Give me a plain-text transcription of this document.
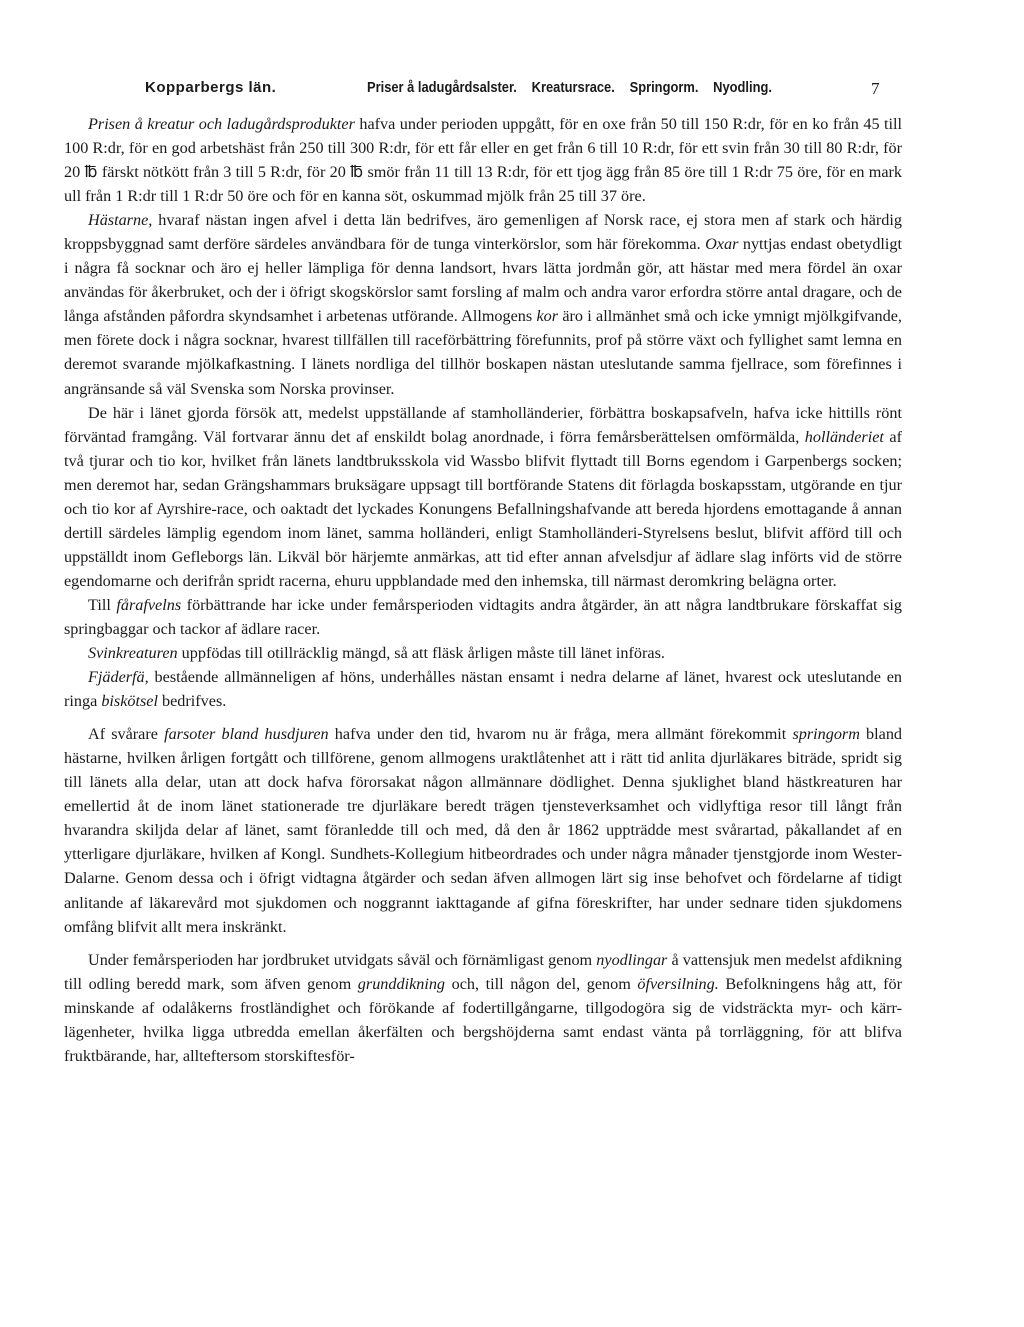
Kopparbergs län.	Priser å ladugårdsalster. Kreatursrace. Springorm. Nyodling.	7

Prisen å kreatur och ladugårdsprodukter hafva under perioden uppgått, för en oxe från 50 till 150 R:dr, för en ko från 45 till 100 R:dr, för en god arbetshäst från 250 till 300 R:dr, för ett får eller en get från 6 till 10 R:dr, för ett svin från 30 till 80 R:dr, för 20 ℔ färskt nötkött från 3 till 5 R:dr, för 20 ℔ smör från 11 till 13 R:dr, för ett tjog ägg från 85 öre till 1 R:dr 75 öre, för en mark ull från 1 R:dr till 1 R:dr 50 öre och för en kanna söt, oskummad mjölk från 25 till 37 öre.

Hästarne, hvaraf nästan ingen afvel i detta län bedrifves, äro gemenligen af Norsk race, ej stora men af stark och härdig kroppsbyggnad samt derföre särdeles användbara för de tunga vinterkörslor, som här förekomma. Oxar nyttjas endast obetydligt i några få socknar och äro ej heller lämpliga för denna landsort, hvars lätta jordmån gör, att hästar med mera fördel än oxar användas för åkerbruket, och der i öfrigt skogskörslor samt forsling af malm och andra varor erfordra större antal dragare, och de långa afstånden påfordra skyndsamhet i arbetenas utförande. Allmogens kor äro i allmänhet små och icke ymnigt mjölkgifvande, men förete dock i några socknar, hvarest tillfällen till raceförbättring förefunnits, prof på större växt och fyllighet samt lemna en deremot svarande mjölkafkastning. I länets nordliga del tillhör boskapen nästan uteslutande samma fjellrace, som förefinnes i angränsande så väl Svenska som Norska provinser.

De här i länet gjorda försök att, medelst uppställande af stamholländerier, förbättra boskapsafveln, hafva icke hittills rönt förväntad framgång. Väl fortvarar ännu det af enskildt bolag anordnade, i förra femårsberättelsen omförmälda, holländeriet af två tjurar och tio kor, hvilket från länets landtbruksskola vid Wassbo blifvit flyttadt till Borns egendom i Garpenbergs socken; men deremot har, sedan Grängshammars bruksägare uppsagt till bortförande Statens dit förlagda boskapsstam, utgörande en tjur och tio kor af Ayrshire-race, och oaktadt det lyckades Konungens Befallningshafvande att bereda hjordens emottagande å annan dertill särdeles lämplig egendom inom länet, samma holländeri, enligt Stamholländeri-Styrelsens beslut, blifvit afförd till och uppställdt inom Gefleborgs län. Likväl bör härjemte anmärkas, att tid efter annan afvelsdjur af ädlare slag införts vid de större egendomarne och derifrån spridt racerna, ehuru uppblandade med den inhemska, till närmast deromkring belägna orter.

Till fårafvelns förbättrande har icke under femårsperioden vidtagits andra åtgärder, än att några landtbrukare förskaffat sig springbaggar och tackor af ädlare racer.

Svinkreaturen uppfödas till otillräcklig mängd, så att fläsk årligen måste till länet införas.

Fjäderfä, bestående allmänneligen af höns, underhålles nästan ensamt i nedra delarne af länet, hvarest ock uteslutande en ringa biskötsel bedrifves.

Af svårare farsoter bland husdjuren hafva under den tid, hvarom nu är fråga, mera allmänt förekommit springorm bland hästarne, hvilken årligen fortgått och tillförene, genom allmogens uraktlåtenhet att i rätt tid anlita djurläkares biträde, spridt sig till länets alla delar, utan att dock hafva förorsakat någon allmännare dödlighet. Denna sjuklighet bland hästkreaturen har emellertid åt de inom länet stationerade tre djurläkare beredt trägen tjensteverksamhet och vidlyftiga resor till långt från hvarandra skiljda delar af länet, samt föranledde till och med, då den år 1862 uppträdde mest svårartad, påkallandet af en ytterligare djurläkare, hvilken af Kongl. Sundhets-Kollegium hitbeordrades och under några månader tjenstgjorde inom Wester-Dalarne. Genom dessa och i öfrigt vidtagna åtgärder och sedan äfven allmogen lärt sig inse behofvet och fördelarne af tidigt anlitande af läkarevård mot sjukdomen och noggrannt iakttagande af gifna föreskrifter, har under sednare tiden sjukdomens omfång blifvit allt mera inskränkt.

Under femårsperioden har jordbruket utvidgats såväl och förnämligast genom nyodlingar å vattensjuk men medelst afdikning till odling beredd mark, som äfven genom grunddikning och, till någon del, genom öfversilning. Befolkningens håg att, för minskande af odalåkerns frostländighet och förökande af fodertillgångarne, tillgodogöra sig de vidsträckta myr- och kärr-lägenheter, hvilka ligga utbredda emellan åkerfälten och bergshöjderna samt endast vänta på torrläggning, för att blifva fruktbärande, har, allteftersom storskiftesför-
